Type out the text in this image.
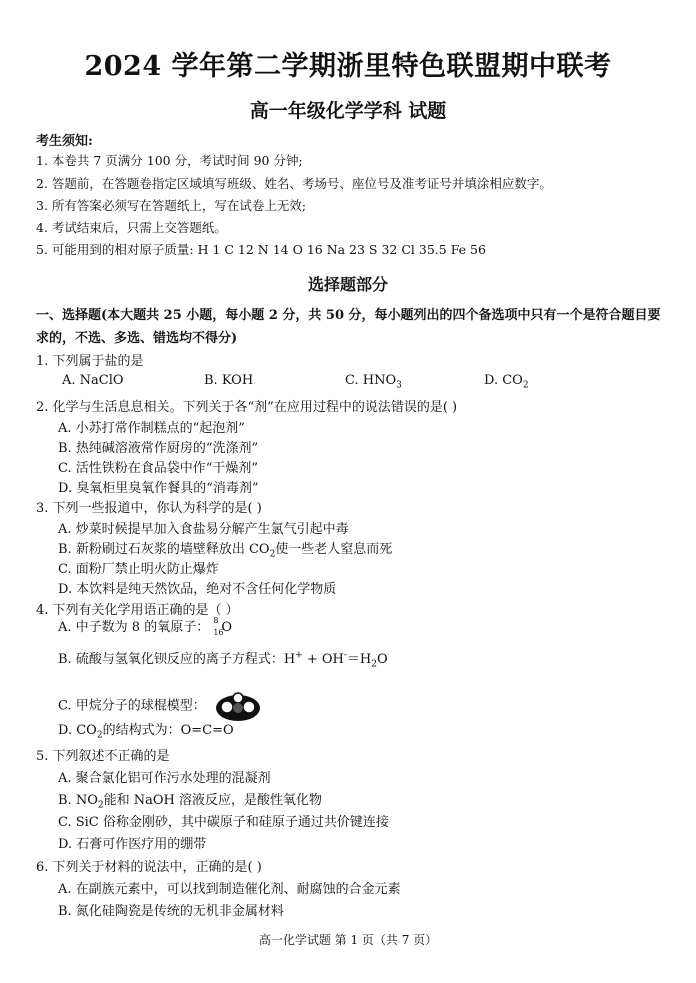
2024 学年第二学期浙里特色联盟期中联考
高一年级化学学科 试题
考生须知:
1. 本卷共 7 页满分 100 分，考试时间 90 分钟;
2. 答题前，在答题卷指定区域填写班级、姓名、考场号、座位号及准考证号并填涂相应数字。
3. 所有答案必须写在答题纸上，写在试卷上无效;
4. 考试结束后，只需上交答题纸。
5. 可能用到的相对原子质量: H 1 C 12 N 14 O 16 Na 23 S 32 Cl 35.5 Fe 56
选择题部分
一、选择题(本大题共 25 小题，每小题 2 分，共 50 分，每小题列出的四个备选项中只有一个是符合题目要求的，不选、多选、错选均不得分)
1. 下列属于盐的是
A. NaClO	B. KOH	C. $HNO_3$	D. $CO_2$
2. 化学与生活息息相关。下列关于各“剂”在应用过程中的说法错误的是( )
A. 小苏打常作制糕点的“起泡剂”
B. 热纯碱溶液常作厨房的“洗涤剂”
C. 活性铁粉在食品袋中作“干燥剂”
D. 臭氧柜里臭氧作餐具的“消毒剂”
3. 下列一些报道中，你认为科学的是( )
A. 炒菜时候提早加入食盐易分解产生氯气引起中毒
B. 新粉刷过石灰浆的墙壁释放出 $CO_2$使一些老人窒息而死
C. 面粉厂禁止明火防止爆炸
D. 本饮料是纯天然饮品，绝对不含任何化学物质
4. 下列有关化学用语正确的是（ ）
A. 中子数为 8 的氧原子： 8
16
O
B. 硫酸与氢氧化钡反应的离子方程式：$H^+ + OH^-=H_2O$
C. 甲烷分子的球棍模型：
D. $CO_2$的结构式为：O=C=O
5. 下列叙述不正确的是
A. 聚合氯化铝可作污水处理的混凝剂
B. $NO_2$能和 NaOH 溶液反应，是酸性氧化物
C. SiC 俗称金刚砂，其中碳原子和硅原子通过共价键连接
D. 石膏可作医疗用的绷带
6. 下列关于材料的说法中，正确的是( )
A. 在副族元素中，可以找到制造催化剂、耐腐蚀的合金元素
B. 氮化硅陶瓷是传统的无机非金属材料
高一化学试题 第 1 页（共 7 页）
